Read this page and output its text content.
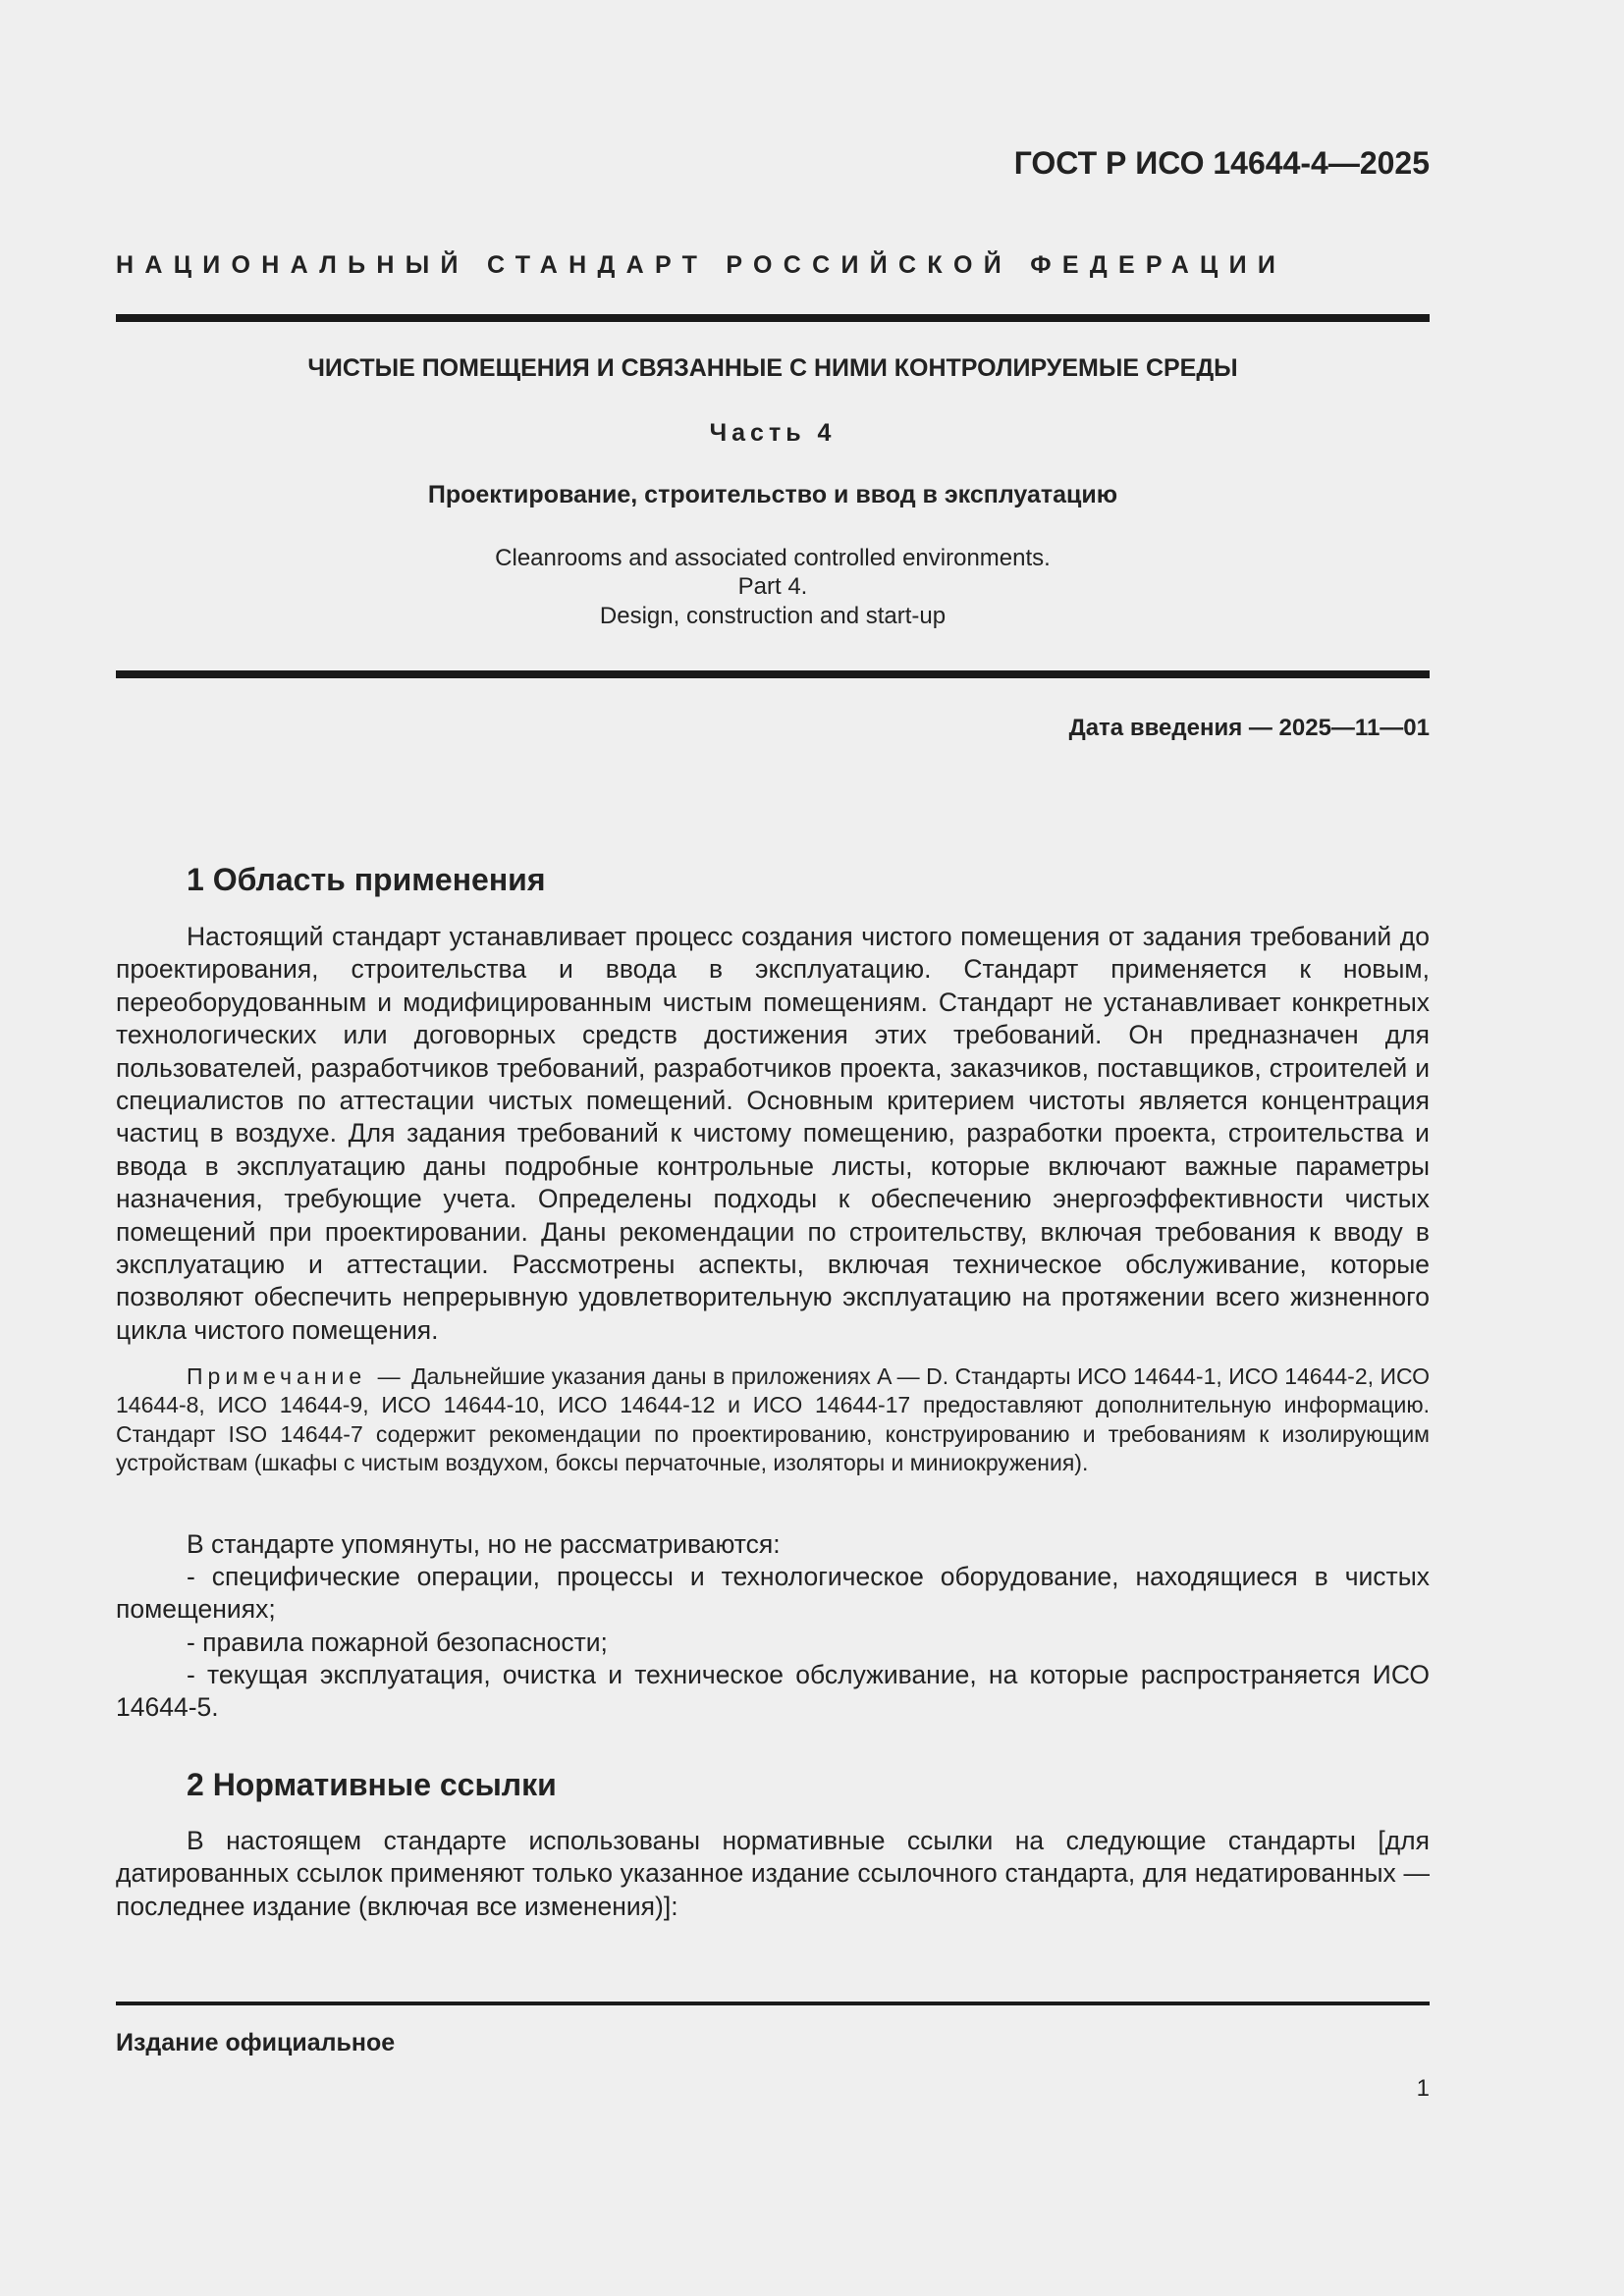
ГОСТ Р ИСО 14644-4—2025
НАЦИОНАЛЬНЫЙ СТАНДАРТ РОССИЙСКОЙ ФЕДЕРАЦИИ
ЧИСТЫЕ ПОМЕЩЕНИЯ И СВЯЗАННЫЕ С НИМИ КОНТРОЛИРУЕМЫЕ СРЕДЫ
Часть 4
Проектирование, строительство и ввод в эксплуатацию
Cleanrooms and associated controlled environments.
Part 4.
Design, construction and start-up
Дата введения — 2025—11—01
1 Область применения

Настоящий стандарт устанавливает процесс создания чистого помещения от задания требований до проектирования, строительства и ввода в эксплуатацию. Стандарт применяется к новым, переоборудованным и модифицированным чистым помещениям. Стандарт не устанавливает конкретных технологических или договорных средств достижения этих требований. Он предназначен для пользователей, разработчиков требований, разработчиков проекта, заказчиков, поставщиков, строителей и специалистов по аттестации чистых помещений. Основным критерием чистоты является концентрация частиц в воздухе. Для задания требований к чистому помещению, разработки проекта, строительства и ввода в эксплуатацию даны подробные контрольные листы, которые включают важные параметры назначения, требующие учета. Определены подходы к обеспечению энергоэффективности чистых помещений при проектировании. Даны рекомендации по строительству, включая требования к вводу в эксплуатацию и аттестации. Рассмотрены аспекты, включая техническое обслуживание, которые позволяют обеспечить непрерывную удовлетворительную эксплуатацию на протяжении всего жизненного цикла чистого помещения.

Примечание — Дальнейшие указания даны в приложениях A — D. Стандарты ИСО 14644-1, ИСО 14644-2, ИСО 14644-8, ИСО 14644-9, ИСО 14644-10, ИСО 14644-12 и ИСО 14644-17 предоставляют дополнительную информацию. Стандарт ISO 14644-7 содержит рекомендации по проектированию, конструированию и требованиям к изолирующим устройствам (шкафы с чистым воздухом, боксы перчаточные, изоляторы и миниокружения).

В стандарте упомянуты, но не рассматриваются:

- специфические операции, процессы и технологическое оборудование, находящиеся в чистых помещениях;

- правила пожарной безопасности;

- текущая эксплуатация, очистка и техническое обслуживание, на которые распространяется ИСО 14644-5.

2 Нормативные ссылки

В настоящем стандарте использованы нормативные ссылки на следующие стандарты [для датированных ссылок применяют только указанное издание ссылочного стандарта, для недатированных — последнее издание (включая все изменения)]:

Издание официальное
1
